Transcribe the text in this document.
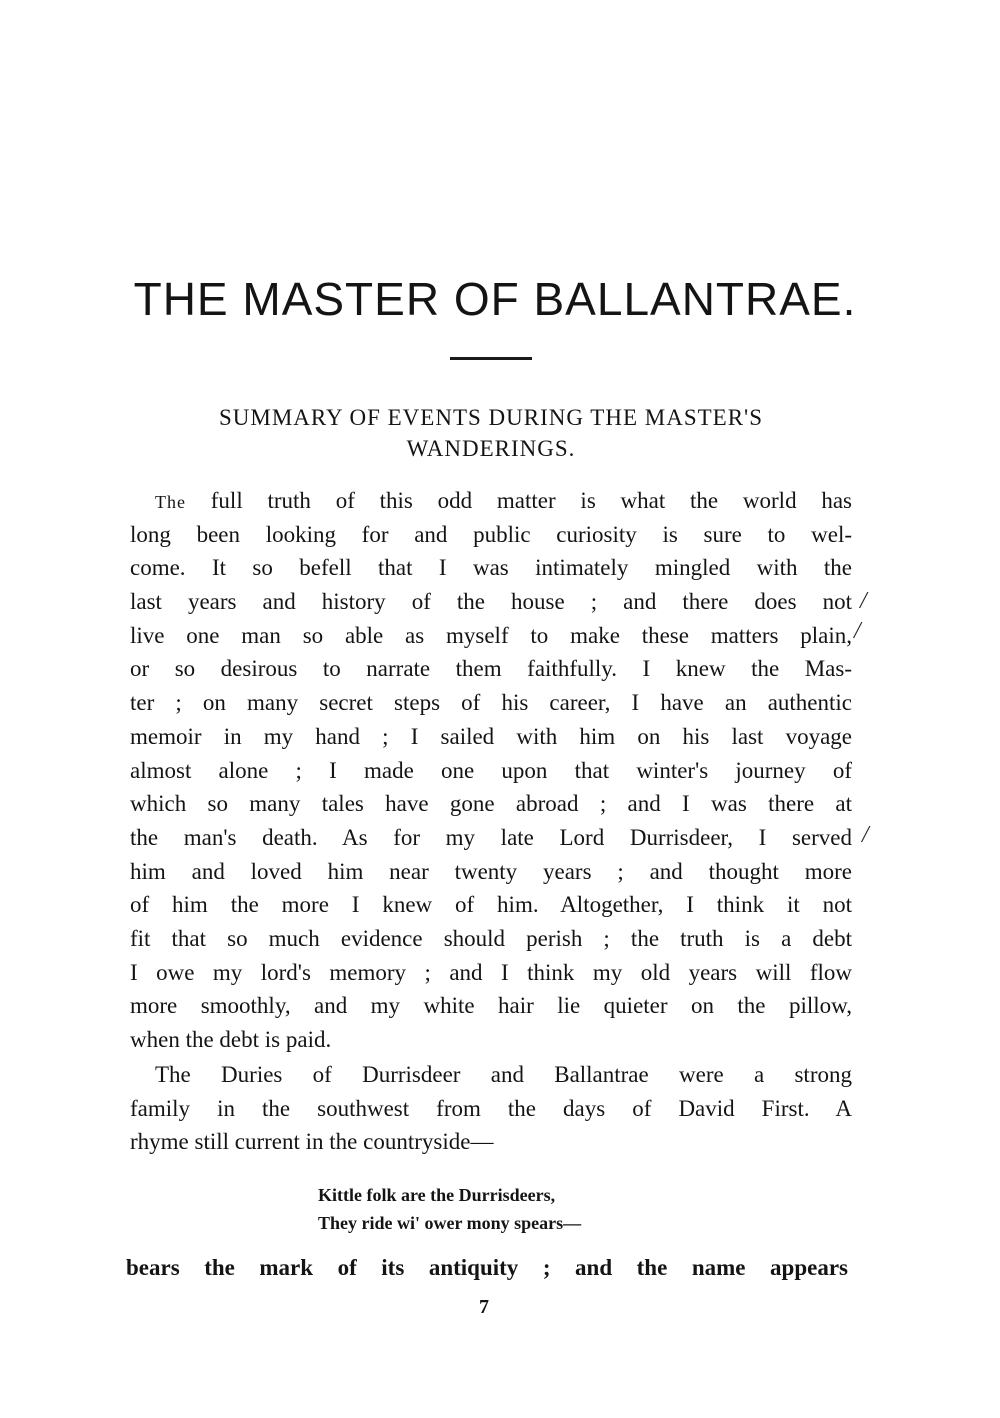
THE MASTER OF BALLANTRAE.
SUMMARY OF EVENTS DURING THE MASTER'S
WANDERINGS.
The full truth of this odd matter is what the world has
long been looking for and public curiosity is sure to wel-
come. It so befell that I was intimately mingled with the
last years and history of the house ; and there does not
live one man so able as myself to make these matters plain,
or so desirous to narrate them faithfully. I knew the Mas-
ter ; on many secret steps of his career, I have an authentic
memoir in my hand ; I sailed with him on his last voyage
almost alone ; I made one upon that winter's journey of
which so many tales have gone abroad ; and I was there at
the man's death. As for my late Lord Durrisdeer, I served
him and loved him near twenty years ; and thought more
of him the more I knew of him. Altogether, I think it not
fit that so much evidence should perish ; the truth is a debt
I owe my lord's memory ; and I think my old years will flow
more smoothly, and my white hair lie quieter on the pillow,
when the debt is paid.
The Duries of Durrisdeer and Ballantrae were a strong
family in the southwest from the days of David First. A
rhyme still current in the countryside—
Kittle folk are the Durrisdeers,
They ride wi' ower mony spears—
bears the mark of its antiquity ; and the name appears
7
/
/
/
